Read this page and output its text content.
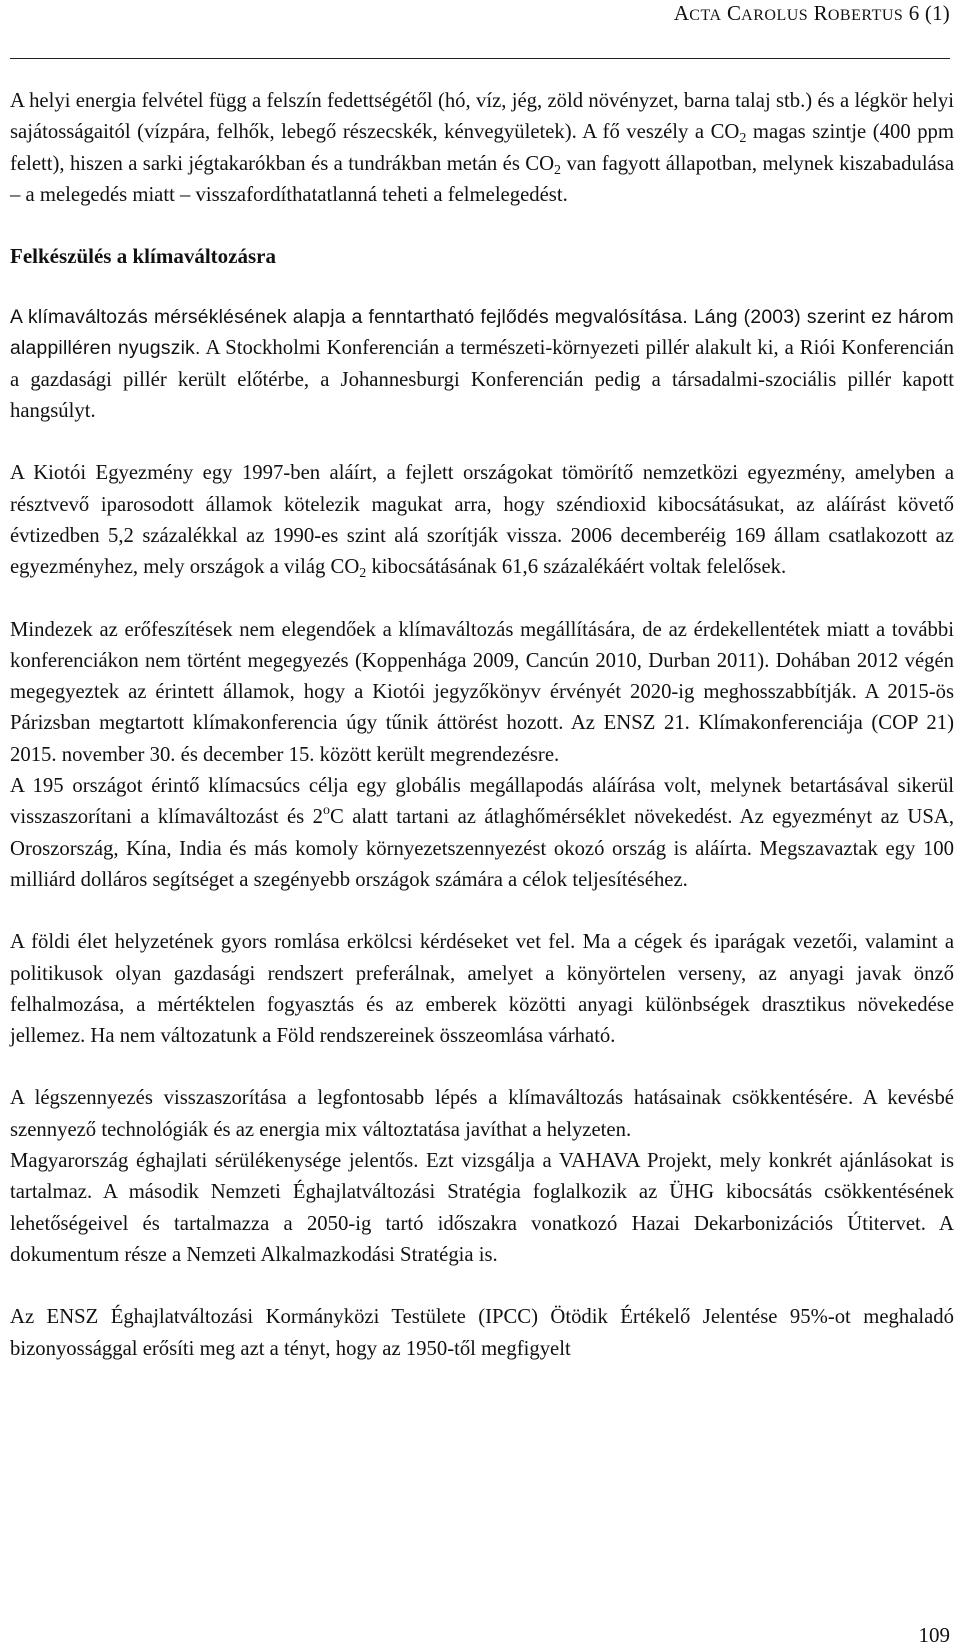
ACTA CAROLUS ROBERTUS 6 (1)

A helyi energia felvétel függ a felszín fedettségétől (hó, víz, jég, zöld növényzet, barna talaj stb.) és a légkör helyi sajátosságaitól (vízpára, felhők, lebegő részecskék, kénvegyületek). A fő veszély a $CO_2$ magas szintje (400 ppm felett), hiszen a sarki jégtakarókban és a tundrákban metán és $CO_2$ van fagyott állapotban, melynek kiszabadulása – a melegedés miatt – visszafordíthatatlanná teheti a felmelegedést.

Felkészülés a klímaváltozásra

A klímaváltozás mérséklésének alapja a fenntartható fejlődés megvalósítása. Láng (2003) szerint ez három alappilléren nyugszik. A Stockholmi Konferencián a természeti-környezeti pillér alakult ki, a Riói Konferencián a gazdasági pillér került előtérbe, a Johannesburgi Konferencián pedig a társadalmi-szociális pillér kapott hangsúlyt.

A Kiotói Egyezmény egy 1997-ben aláírt, a fejlett országokat tömörítő nemzetközi egyezmény, amelyben a résztvevő iparosodott államok kötelezik magukat arra, hogy széndioxid kibocsátásukat, az aláírást követő évtizedben 5,2 százalékkal az 1990-es szint alá szorítják vissza. 2006 decemberéig 169 állam csatlakozott az egyezményhez, mely országok a világ $CO_2$ kibocsátásának 61,6 százalékáért voltak felelősek.

Mindezek az erőfeszítések nem elegendőek a klímaváltozás megállítására, de az érdekellentétek miatt a további konferenciákon nem történt megegyezés (Koppenhága 2009, Cancún 2010, Durban 2011). Dohában 2012 végén megegyeztek az érintett államok, hogy a Kiotói jegyzőkönyv érvényét 2020-ig meghosszabbítják. A 2015-ös Párizsban megtartott klímakonferencia úgy tűnik áttörést hozott. Az ENSZ 21. Klímakonferenciája (COP 21) 2015. november 30. és december 15. között került megrendezésre.

A 195 országot érintő klímacsúcs célja egy globális megállapodás aláírása volt, melynek betartásával sikerül visszaszorítani a klímaváltozást és 2$^o$C alatt tartani az átlaghőmérséklet növekedést. Az egyezményt az USA, Oroszország, Kína, India és más komoly környezetszennyezést okozó ország is aláírta. Megszavaztak egy 100 milliárd dolláros segítséget a szegényebb országok számára a célok teljesítéséhez.

A földi élet helyzetének gyors romlása erkölcsi kérdéseket vet fel. Ma a cégek és iparágak vezetői, valamint a politikusok olyan gazdasági rendszert preferálnak, amelyet a könyörtelen verseny, az anyagi javak önző felhalmozása, a mértéktelen fogyasztás és az emberek közötti anyagi különbségek drasztikus növekedése jellemez. Ha nem változatunk a Föld rendszereinek összeomlása várható.

A légszennyezés visszaszorítása a legfontosabb lépés a klímaváltozás hatásainak csökkentésére. A kevésbé szennyező technológiák és az energia mix változtatása javíthat a helyzeten.

Magyarország éghajlati sérülékenysége jelentős. Ezt vizsgálja a VAHAVA Projekt, mely konkrét ajánlásokat is tartalmaz. A második Nemzeti Éghajlatváltozási Stratégia foglalkozik az ÜHG kibocsátás csökkentésének lehetőségeivel és tartalmazza a 2050-ig tartó időszakra vonatkozó Hazai Dekarbonizációs Útitervet. A dokumentum része a Nemzeti Alkalmazkodási Stratégia is.

Az ENSZ Éghajlatváltozási Kormányközi Testülete (IPCC) Ötödik Értékelő Jelentése 95%-ot meghaladó bizonyossággal erősíti meg azt a tényt, hogy az 1950-től megfigyelt

109
